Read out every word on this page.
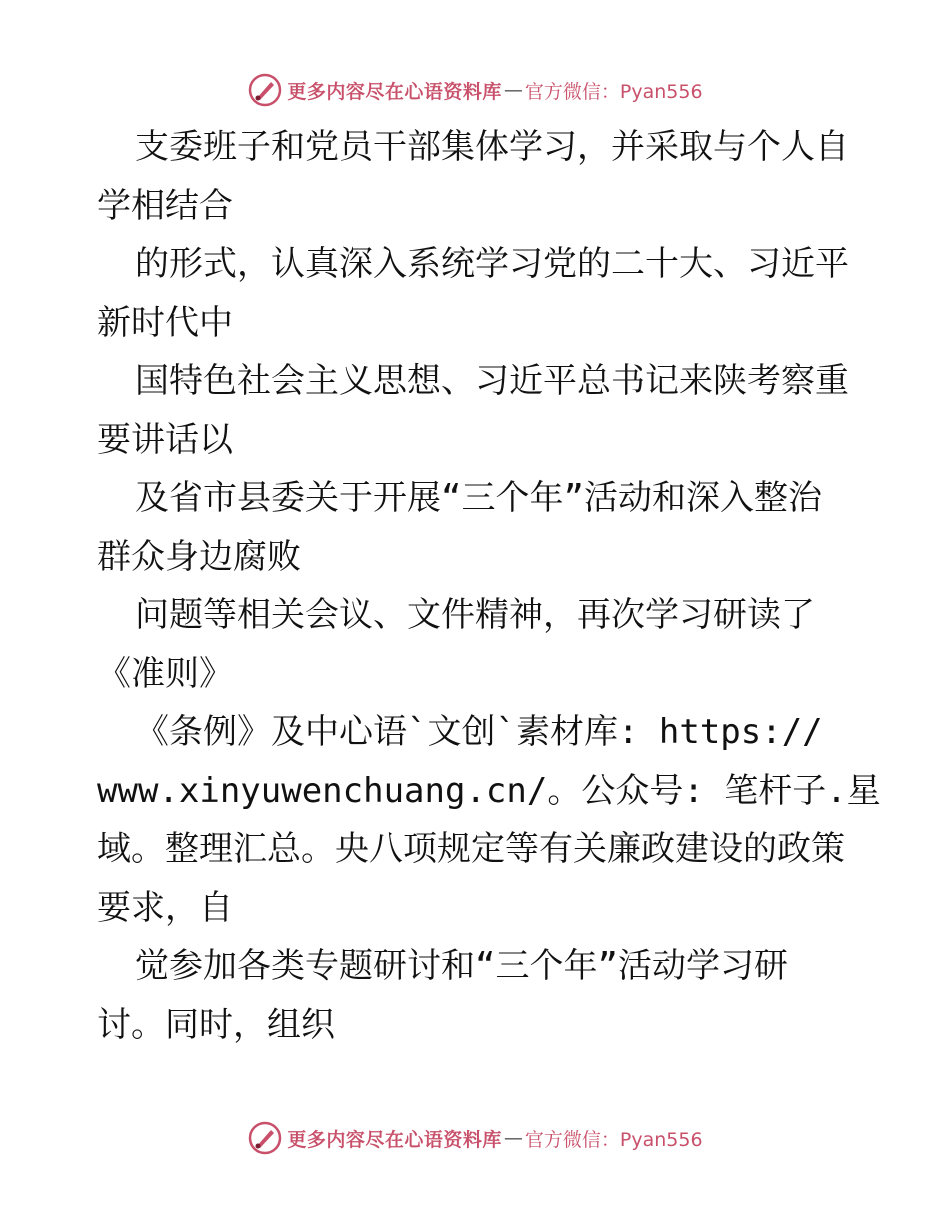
更多内容尽在心语资料库 — 官方微信：Pyan556
支委班子和党员干部集体学习，并采取与个人自
学相结合
的形式，认真深入系统学习党的二十大、习近平
新时代中
国特色社会主义思想、习近平总书记来陕考察重
要讲话以
及省市县委关于开展“三个年”活动和深入整治
群众身边腐败
问题等相关会议、文件精神，再次学习研读了
《准则》
《条例》及中心语`文创`素材库: https://
www.xinyuwenchuang.cn/。公众号: 笔杆子.星
域。整理汇总。央八项规定等有关廉政建设的政策
要求，自
觉参加各类专题研讨和“三个年”活动学习研
讨。同时，组织
更多内容尽在心语资料库 — 官方微信：Pyan556
